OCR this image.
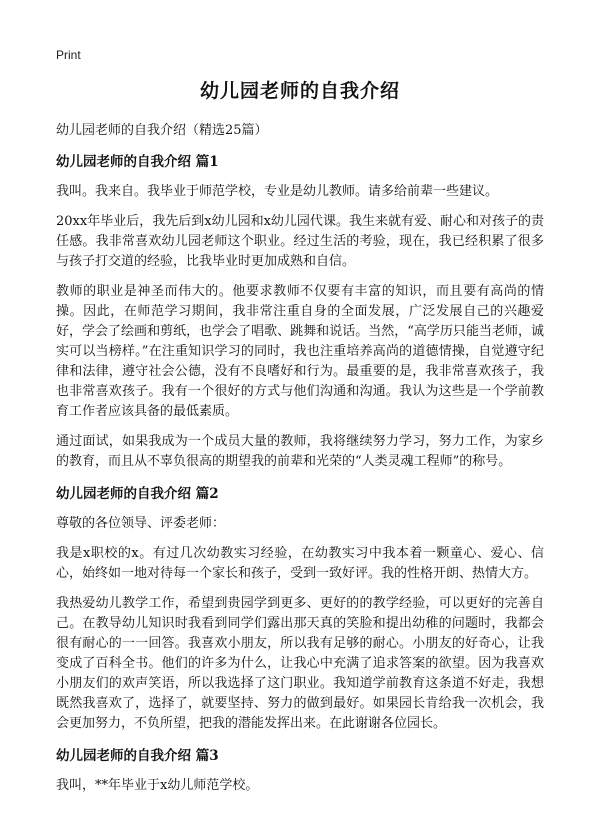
Print
幼儿园老师的自我介绍
幼儿园老师的自我介绍（精选25篇）
幼儿园老师的自我介绍 篇1

我叫。我来自。我毕业于师范学校，专业是幼儿教师。请多给前辈一些建议。

20xx年毕业后，我先后到x幼儿园和x幼儿园代课。我生来就有爱、耐心和对孩子的责任感。我非常喜欢幼儿园老师这个职业。经过生活的考验，现在，我已经积累了很多与孩子打交道的经验，比我毕业时更加成熟和自信。

教师的职业是神圣而伟大的。他要求教师不仅要有丰富的知识，而且要有高尚的情操。因此，在师范学习期间，我非常注重自身的全面发展，广泛发展自己的兴趣爱好，学会了绘画和剪纸，也学会了唱歌、跳舞和说话。当然，“高学历只能当老师，诚实可以当榜样。”在注重知识学习的同时，我也注重培养高尚的道德情操，自觉遵守纪律和法律，遵守社会公德，没有不良嗜好和行为。最重要的是，我非常喜欢孩子，我也非常喜欢孩子。我有一个很好的方式与他们沟通和沟通。我认为这些是一个学前教育工作者应该具备的最低素质。

通过面试，如果我成为一个成员大量的教师，我将继续努力学习，努力工作，为家乡的教育，而且从不辜负很高的期望我的前辈和光荣的“人类灵魂工程师”的称号。

幼儿园老师的自我介绍 篇2

尊敬的各位领导、评委老师：

我是x职校的x。有过几次幼教实习经验，在幼教实习中我本着一颗童心、爱心、信心，始终如一地对待每一个家长和孩子，受到一致好评。我的性格开朗、热情大方。

我热爱幼儿教学工作，希望到贵园学到更多、更好的的教学经验，可以更好的完善自己。在教导幼儿知识时我看到同学们露出那天真的笑脸和提出幼稚的问题时，我都会很有耐心的一一回答。我喜欢小朋友，所以我有足够的耐心。小朋友的好奇心，让我变成了百科全书。他们的许多为什么，让我心中充满了追求答案的欲望。因为我喜欢小朋友们的欢声笑语，所以我选择了这门职业。我知道学前教育这条道不好走，我想既然我喜欢了，选择了，就要坚持、努力的做到最好。如果园长肯给我一次机会，我会更加努力，不负所望，把我的潜能发挥出来。在此谢谢各位园长。

幼儿园老师的自我介绍 篇3

我叫，**年毕业于x幼儿师范学校。
